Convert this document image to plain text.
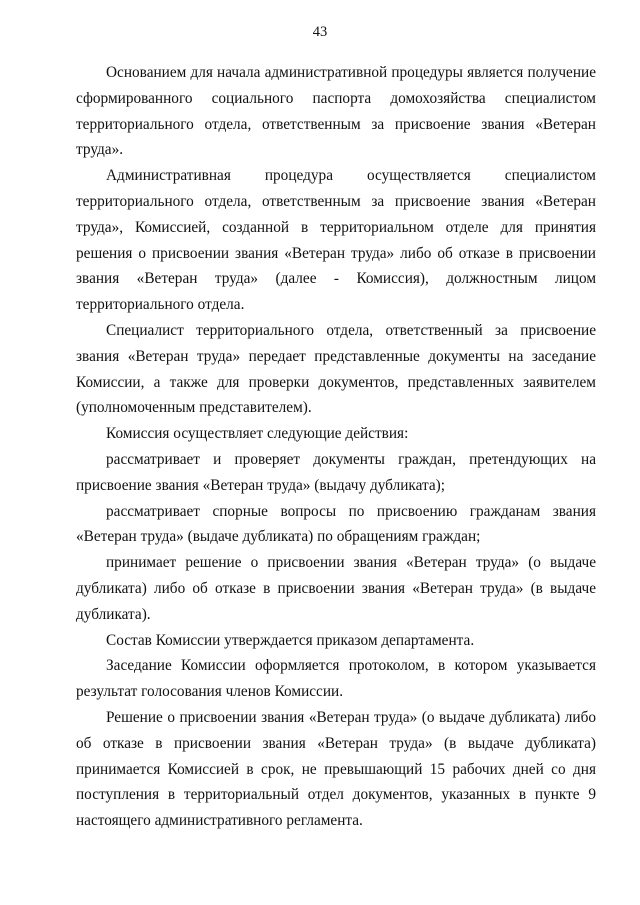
43

Основанием для начала административной процедуры является получение сформированного социального паспорта домохозяйства специалистом территориального отдела, ответственным за присвоение звания «Ветеран труда».

Административная процедура осуществляется специалистом территориального отдела, ответственным за присвоение звания «Ветеран труда», Комиссией, созданной в территориальном отделе для принятия решения о присвоении звания «Ветеран труда» либо об отказе в присвоении звания «Ветеран труда» (далее - Комиссия), должностным лицом территориального отдела.

Специалист территориального отдела, ответственный за присвоение звания «Ветеран труда» передает представленные документы на заседание Комиссии, а также для проверки документов, представленных заявителем (уполномоченным представителем).

Комиссия осуществляет следующие действия:

рассматривает и проверяет документы граждан, претендующих на присвоение звания «Ветеран труда» (выдачу дубликата);

рассматривает спорные вопросы по присвоению гражданам звания «Ветеран труда» (выдаче дубликата) по обращениям граждан;

принимает решение о присвоении звания «Ветеран труда» (о выдаче дубликата) либо об отказе в присвоении звания «Ветеран труда» (в выдаче дубликата).

Состав Комиссии утверждается приказом департамента.

Заседание Комиссии оформляется протоколом, в котором указывается результат голосования членов Комиссии.

Решение о присвоении звания «Ветеран труда» (о выдаче дубликата) либо об отказе в присвоении звания «Ветеран труда» (в выдаче дубликата) принимается Комиссией в срок, не превышающий 15 рабочих дней со дня поступления в территориальный отдел документов, указанных в пункте 9 настоящего административного регламента.
